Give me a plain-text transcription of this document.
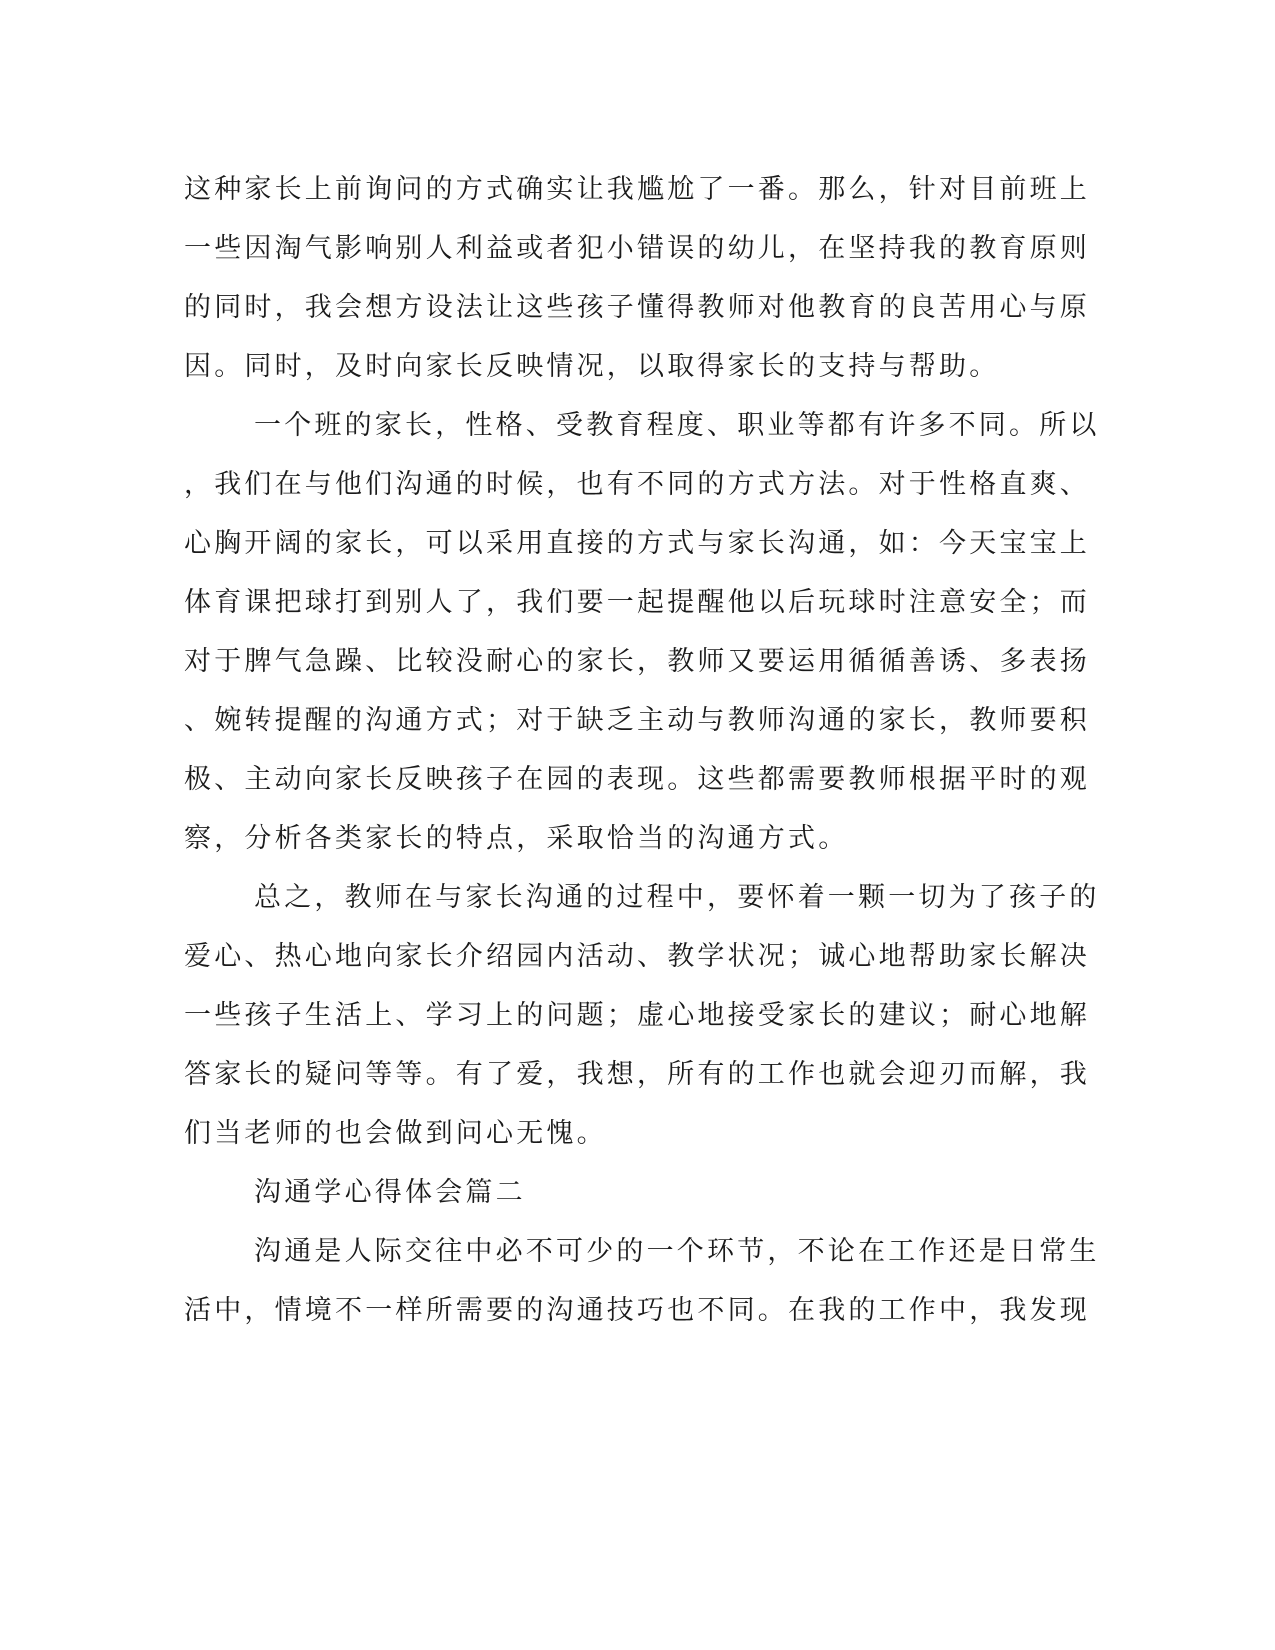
这种家长上前询问的方式确实让我尴尬了一番。那么，针对目前班上
一些因淘气影响别人利益或者犯小错误的幼儿，在坚持我的教育原则
的同时，我会想方设法让这些孩子懂得教师对他教育的良苦用心与原
因。同时，及时向家长反映情况，以取得家长的支持与帮助。
一个班的家长，性格、受教育程度、职业等都有许多不同。所以
，我们在与他们沟通的时候，也有不同的方式方法。对于性格直爽、
心胸开阔的家长，可以采用直接的方式与家长沟通，如：今天宝宝上
体育课把球打到别人了，我们要一起提醒他以后玩球时注意安全；而
对于脾气急躁、比较没耐心的家长，教师又要运用循循善诱、多表扬
、婉转提醒的沟通方式；对于缺乏主动与教师沟通的家长，教师要积
极、主动向家长反映孩子在园的表现。这些都需要教师根据平时的观
察，分析各类家长的特点，采取恰当的沟通方式。
总之，教师在与家长沟通的过程中，要怀着一颗一切为了孩子的
爱心、热心地向家长介绍园内活动、教学状况；诚心地帮助家长解决
一些孩子生活上、学习上的问题；虚心地接受家长的建议；耐心地解
答家长的疑问等等。有了爱，我想，所有的工作也就会迎刃而解，我
们当老师的也会做到问心无愧。
沟通学心得体会篇二
沟通是人际交往中必不可少的一个环节，不论在工作还是日常生
活中，情境不一样所需要的沟通技巧也不同。在我的工作中，我发现
